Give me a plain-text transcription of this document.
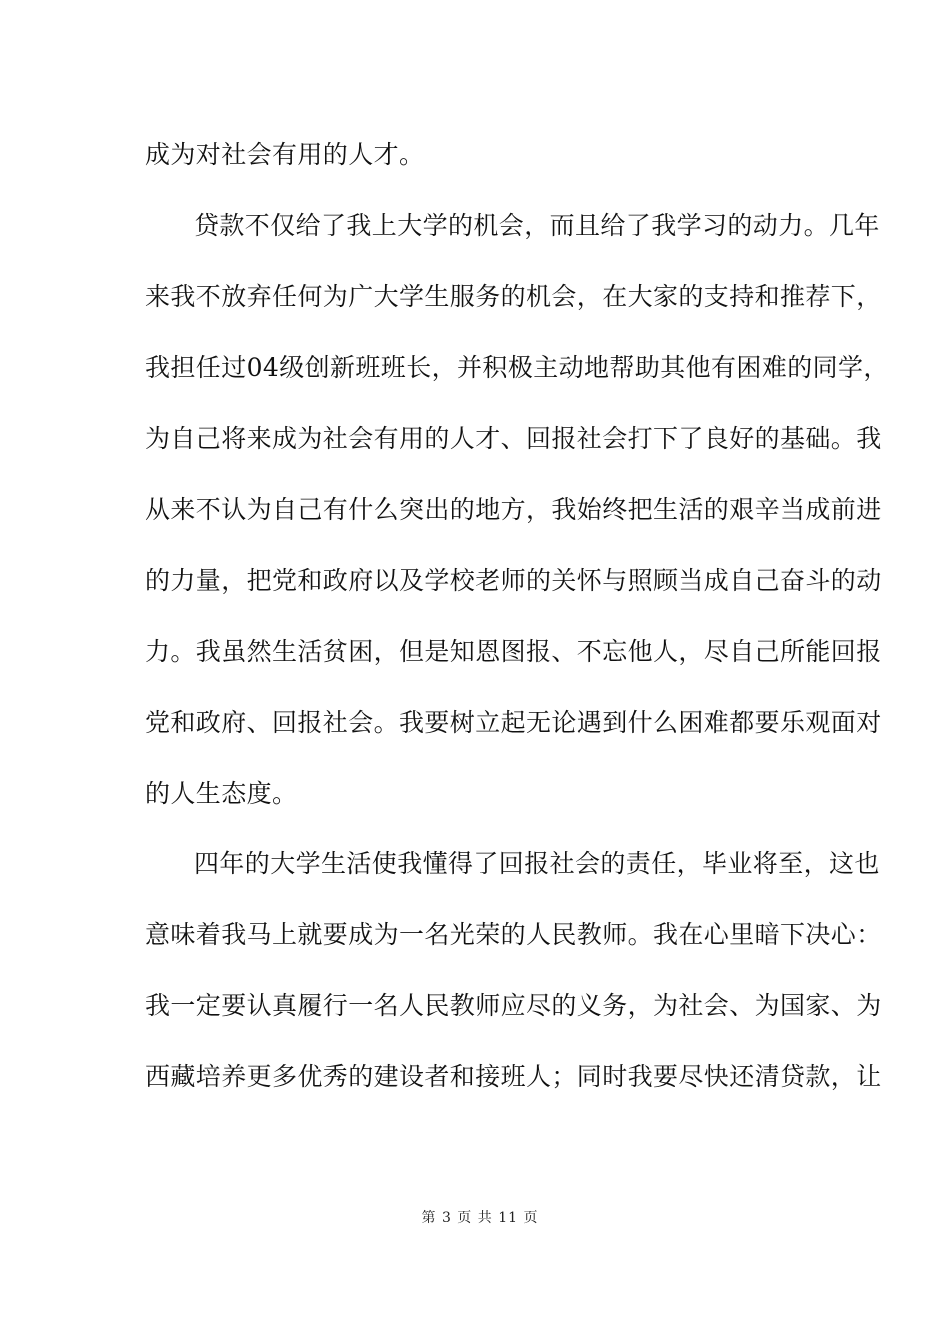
成为对社会有用的人才。
贷款不仅给了我上大学的机会，而且给了我学习的动力。几年
来我不放弃任何为广大学生服务的机会，在大家的支持和推荐下，
我担任过04级创新班班长，并积极主动地帮助其他有困难的同学，
为自己将来成为社会有用的人才、回报社会打下了良好的基础。我
从来不认为自己有什么突出的地方，我始终把生活的艰辛当成前进
的力量，把党和政府以及学校老师的关怀与照顾当成自己奋斗的动
力。我虽然生活贫困，但是知恩图报、不忘他人，尽自己所能回报
党和政府、回报社会。我要树立起无论遇到什么困难都要乐观面对
的人生态度。
四年的大学生活使我懂得了回报社会的责任，毕业将至，这也
意味着我马上就要成为一名光荣的人民教师。我在心里暗下决心：
我一定要认真履行一名人民教师应尽的义务，为社会、为国家、为
西藏培养更多优秀的建设者和接班人；同时我要尽快还清贷款，让
第 3 页 共 11 页
